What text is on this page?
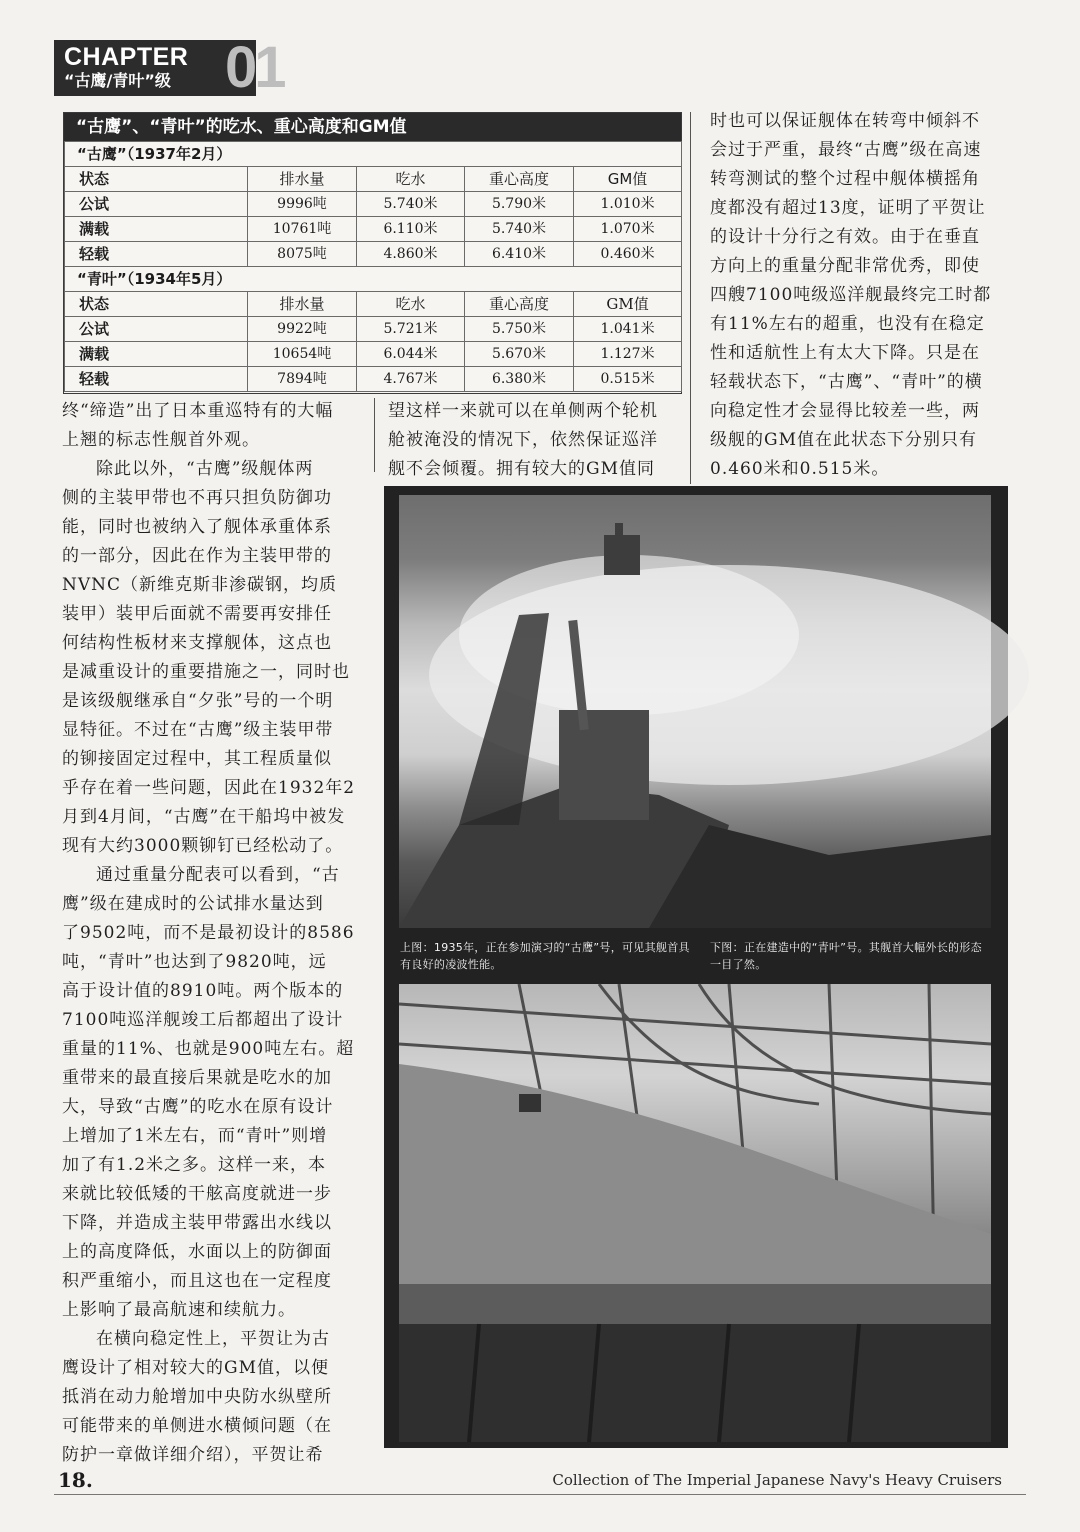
CHAPTER
“古鹰/青叶”级 01
“古鹰”、“青叶”的吃水、重心高度和GM值
“古鹰”（1937年2月）				
状态	排水量	吃水	重心高度	GM值
公试	9996吨	5.740米	5.790米	1.010米
满载	10761吨	6.110米	5.740米	1.070米
轻载	8075吨	4.860米	6.410米	0.460米
“青叶”（1934年5月）				
状态	排水量	吃水	重心高度	GM值
公试	9922吨	5.721米	5.750米	1.041米
满载	10654吨	6.044米	5.670米	1.127米
轻载	7894吨	4.767米	6.380米	0.515米

终“缔造”出了日本重巡特有的大幅

上翘的标志性舰首外观。

除此以外，“古鹰”级舰体两

侧的主装甲带也不再只担负防御功

能，同时也被纳入了舰体承重体系

的一部分，因此在作为主装甲带的

NVNC（新维克斯非渗碳钢，均质

装甲）装甲后面就不需要再安排任

何结构性板材来支撑舰体，这点也

是减重设计的重要措施之一，同时也

是该级舰继承自“夕张”号的一个明

显特征。不过在“古鹰”级主装甲带

的铆接固定过程中，其工程质量似

乎存在着一些问题，因此在1932年2

月到4月间，“古鹰”在干船坞中被发

现有大约3000颗铆钉已经松动了。

通过重量分配表可以看到，“古

鹰”级在建成时的公试排水量达到

了9502吨，而不是最初设计的8586

吨，“青叶”也达到了9820吨，远

高于设计值的8910吨。两个版本的

7100吨巡洋舰竣工后都超出了设计

重量的11%、也就是900吨左右。超

重带来的最直接后果就是吃水的加

大，导致“古鹰”的吃水在原有设计

上增加了1米左右，而“青叶”则增

加了有1.2米之多。这样一来，本

来就比较低矮的干舷高度就进一步

下降，并造成主装甲带露出水线以

上的高度降低，水面以上的防御面

积严重缩小，而且这也在一定程度

上影响了最高航速和续航力。

在横向稳定性上，平贺让为古

鹰设计了相对较大的GM值，以便

抵消在动力舱增加中央防水纵壁所

可能带来的单侧进水横倾问题（在

防护一章做详细介绍），平贺让希

望这样一来就可以在单侧两个轮机

舱被淹没的情况下，依然保证巡洋

舰不会倾覆。拥有较大的GM值同

时也可以保证舰体在转弯中倾斜不

会过于严重，最终“古鹰”级在高速

转弯测试的整个过程中舰体横摇角

度都没有超过13度，证明了平贺让

的设计十分行之有效。由于在垂直

方向上的重量分配非常优秀，即使

四艘7100吨级巡洋舰最终完工时都

有11%左右的超重，也没有在稳定

性和适航性上有太大下降。只是在

轻载状态下，“古鹰”、“青叶”的横

向稳定性才会显得比较差一些，两

级舰的GM值在此状态下分别只有

0.460米和0.515米。

上图：1935年，正在参加演习的“古鹰”号，可见其舰首具有良好的凌波性能。
下图：正在建造中的“青叶”号。其舰首大幅外长的形态一目了然。
18.	Collection of The Imperial Japanese Navy's Heavy Cruisers
